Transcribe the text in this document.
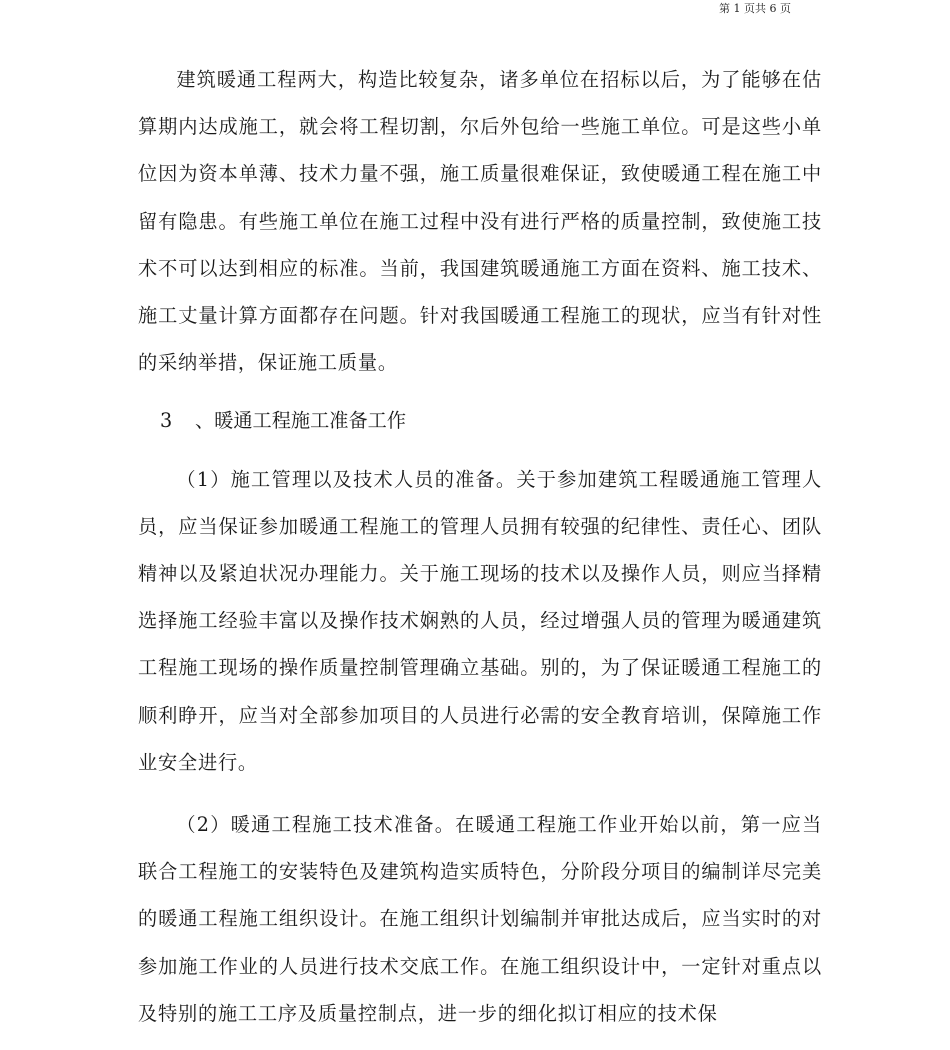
第 1 页共 6 页

建筑暖通工程两大，构造比较复杂，诸多单位在招标以后，为了能够在估算期内达成施工，就会将工程切割，尔后外包给一些施工单位。可是这些小单位因为资本单薄、技术力量不强，施工质量很难保证，致使暖通工程在施工中留有隐患。有些施工单位在施工过程中没有进行严格的质量控制，致使施工技术不可以达到相应的标准。当前，我国建筑暖通施工方面在资料、施工技术、施工丈量计算方面都存在问题。针对我国暖通工程施工的现状，应当有针对性的采纳举措，保证施工质量。

3 、暖通工程施工准备工作

（1）施工管理以及技术人员的准备。关于参加建筑工程暖通施工管理人员，应当保证参加暖通工程施工的管理人员拥有较强的纪律性、责任心、团队精神以及紧迫状况办理能力。关于施工现场的技术以及操作人员，则应当择精选择施工经验丰富以及操作技术娴熟的人员，经过增强人员的管理为暖通建筑工程施工现场的操作质量控制管理确立基础。别的，为了保证暖通工程施工的顺利睁开，应当对全部参加项目的人员进行必需的安全教育培训，保障施工作业安全进行。

（2）暖通工程施工技术准备。在暖通工程施工作业开始以前，第一应当联合工程施工的安装特色及建筑构造实质特色，分阶段分项目的编制详尽完美的暖通工程施工组织设计。在施工组织计划编制并审批达成后，应当实时的对参加施工作业的人员进行技术交底工作。在施工组织设计中，一定针对重点以及特别的施工工序及质量控制点，进一步的细化拟订相应的技术保
